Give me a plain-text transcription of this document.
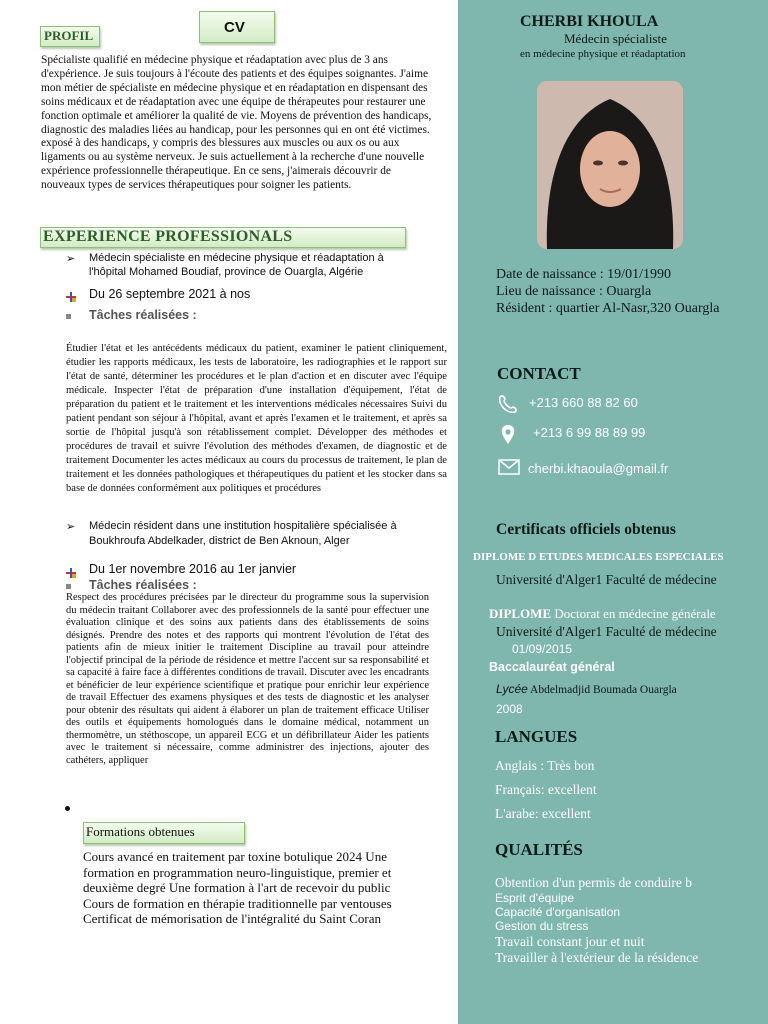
PROFIL	CV
Spécialiste qualifié en médecine physique et réadaptation avec plus de 3 ans d'expérience. Je suis toujours à l'écoute des patients et des équipes soignantes. J'aime mon métier de spécialiste en médecine physique et en réadaptation en dispensant des soins médicaux et de réadaptation avec une équipe de thérapeutes pour restaurer une fonction optimale et améliorer la qualité de vie. Moyens de prévention des handicaps, diagnostic des maladies liées au handicap, pour les personnes qui en ont été victimes. exposé à des handicaps, y compris des blessures aux muscles ou aux os ou aux ligaments ou au système nerveux. Je suis actuellement à la recherche d'une nouvelle expérience professionnelle thérapeutique. En ce sens, j'aimerais découvrir de nouveaux types de services thérapeutiques pour soigner les patients.
EXPERIENCE PROFESSIONALS
➢ Médecin spécialiste en médecine physique et réadaptation à l'hôpital Mohamed Boudiaf, province de Ouargla, Algérie
Du 26 septembre 2021 à nos
Tâches réalisées :
Étudier l'état et les antécédents médicaux du patient, examiner le patient cliniquement, étudier les rapports médicaux, les tests de laboratoire, les radiographies et le rapport sur l'état de santé, déterminer les procédures et le plan d'action et en discuter avec l'équipe médicale. Inspecter l'état de préparation d'une installation d'équipement, l'état de préparation du patient et le traitement et les interventions médicales nécessaires Suivi du patient pendant son séjour à l'hôpital, avant et après l'examen et le traitement, et après sa sortie de l'hôpital jusqu'à son rétablissement complet. Développer des méthodes et procédures de travail et suivre l'évolution des méthodes d'examen, de diagnostic et de traitement Documenter les actes médicaux au cours du processus de traitement, le plan de traitement et les données pathologiques et thérapeutiques du patient et les stocker dans sa base de données conformément aux politiques et procédures
➢ Médecin résident dans une institution hospitalière spécialisée à Boukhroufa Abdelkader, district de Ben Aknoun, Alger
Du 1er novembre 2016 au 1er janvier
Tâches réalisées :
Respect des procédures précisées par le directeur du programme sous la supervision du médecin traitant Collaborer avec des professionnels de la santé pour effectuer une évaluation clinique et des soins aux patients dans des établissements de soins désignés. Prendre des notes et des rapports qui montrent l'évolution de l'état des patients afin de mieux initier le traitement Discipline au travail pour atteindre l'objectif principal de la période de résidence et mettre l'accent sur sa responsabilité et sa capacité à faire face à différentes conditions de travail. Discuter avec les encadrants et bénéficier de leur expérience scientifique et pratique pour enrichir leur expérience de travail Effectuer des examens physiques et des tests de diagnostic et les analyser pour obtenir des résultats qui aident à élaborer un plan de traitement efficace Utiliser des outils et équipements homologués dans le domaine médical, notamment un thermomètre, un stéthoscope, un appareil ECG et un défibrillateur Aider les patients avec le traitement si nécessaire, comme administrer des injections, ajouter des cathéters, appliquer
Formations obtenues
Cours avancé en traitement par toxine botulique 2024 Une formation en programmation neuro-linguistique, premier et deuxième degré Une formation à l'art de recevoir du public Cours de formation en thérapie traditionnelle par ventouses Certificat de mémorisation de l'intégralité du Saint Coran
CHERBI KHOULA
Médecin spécialiste
en médecine physique et réadaptation
Date de naissance : 19/01/1990
Lieu de naissance : Ouargla
Résident : quartier Al-Nasr,320 Ouargla
CONTACT
+213 660 88 82 60
+213 6 99 88 89 99
cherbi.khaoula@gmail.fr
Certificats officiels obtenus
DIPLOME D ETUDES MEDICALES ESPECIALES
Université d'Alger1 Faculté de médecine
DIPLOME Doctorat en médecine générale
Université d'Alger1 Faculté de médecine
01/09/2015
Baccalauréat général
Lycée Abdelmadjid Boumada Ouargla
2008
LANGUES
Anglais : Très bon
Français: excellent
L'arabe: excellent
QUALITÉS
Obtention d'un permis de conduire b
Esprit d'équipe
Capacité d'organisation
Gestion du stress
Travail constant jour et nuit
Travailler à l'extérieur de la résidence
